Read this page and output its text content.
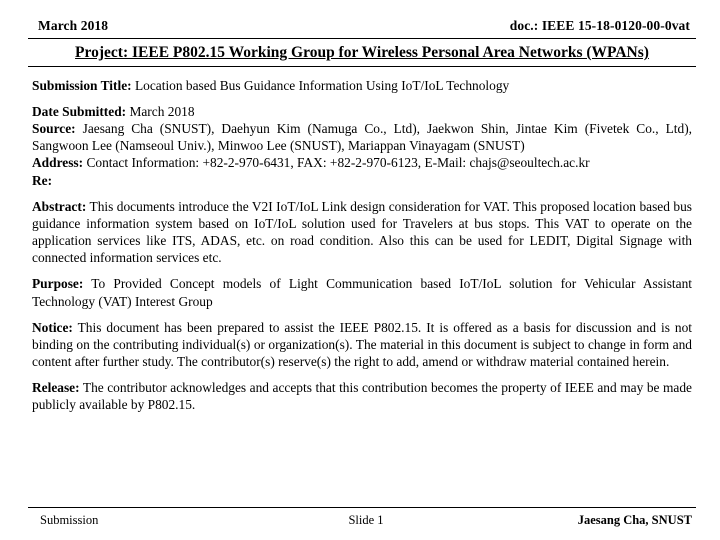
March 2018	doc.: IEEE 15-18-0120-00-0vat
Project: IEEE P802.15 Working Group for Wireless Personal Area Networks (WPANs)

Submission Title: Location based Bus Guidance Information Using IoT/IoL Technology

Date Submitted: March 2018

Source: Jaesang Cha (SNUST), Daehyun Kim (Namuga Co., Ltd), Jaekwon Shin, Jintae Kim (Fivetek Co., Ltd), Sangwoon Lee (Namseoul Univ.), Minwoo Lee (SNUST), Mariappan Vinayagam (SNUST)

Address: Contact Information: +82-2-970-6431, FAX: +82-2-970-6123, E-Mail: chajs@seoultech.ac.kr

Re:

Abstract: This documents introduce the V2I IoT/IoL Link design consideration for VAT. This proposed location based bus guidance information system based on IoT/IoL solution used for Travelers at bus stops. This VAT to operate on the application services like ITS, ADAS, etc. on road condition. Also this can be used for LEDIT, Digital Signage with connected information services etc.

Purpose: To Provided Concept models of Light Communication based IoT/IoL solution for Vehicular Assistant Technology (VAT) Interest Group

Notice: This document has been prepared to assist the IEEE P802.15. It is offered as a basis for discussion and is not binding on the contributing individual(s) or organization(s). The material in this document is subject to change in form and content after further study. The contributor(s) reserve(s) the right to add, amend or withdraw material contained herein.

Release: The contributor acknowledges and accepts that this contribution becomes the property of IEEE and may be made publicly available by P802.15.

Submission	Slide 1	Jaesang Cha, SNUST
